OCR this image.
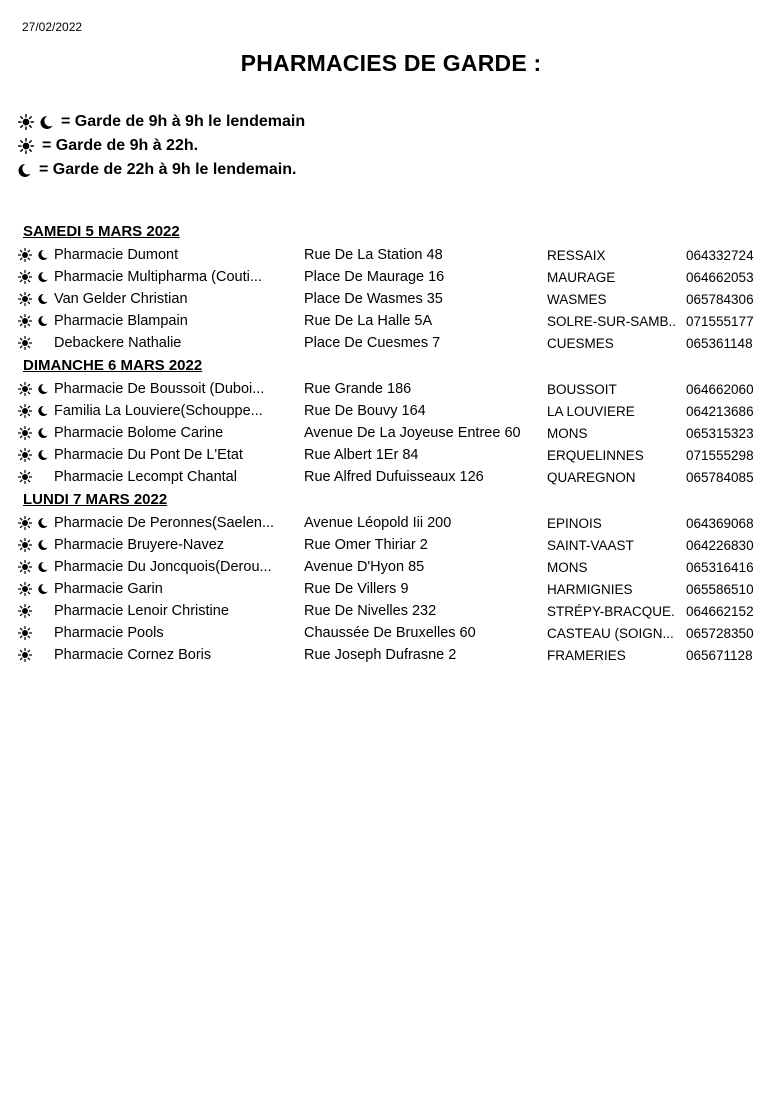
27/02/2022
PHARMACIES DE GARDE :
= Garde de 9h à 9h le lendemain
= Garde de 9h à 22h.
= Garde de 22h à 9h le lendemain.
SAMEDI 5 MARS 2022
Pharmacie Dumont	Rue De La Station 48	RESSAIX	064332724
Pharmacie Multipharma (Couti...	Place De Maurage 16	MAURAGE	064662053
Van Gelder Christian	Place De Wasmes 35	WASMES	065784306
Pharmacie Blampain	Rue De La Halle 5A	SOLRE-SUR-SAMB.. 071555177
Debackere Nathalie	Place De Cuesmes 7	CUESMES	065361148
DIMANCHE 6 MARS 2022
Pharmacie De Boussoit (Duboi...	Rue Grande 186	BOUSSOIT	064662060
Familia La Louviere(Schouppe...	Rue De Bouvy 164	LA LOUVIERE	064213686
Pharmacie Bolome Carine	Avenue De La Joyeuse Entree 60	MONS	065315323
Pharmacie Du Pont De L'Etat	Rue Albert 1Er 84	ERQUELINNES	071555298
Pharmacie Lecompt Chantal	Rue Alfred Dufuisseaux 126	QUAREGNON	065784085
LUNDI 7 MARS 2022
Pharmacie De Peronnes(Saelen...	Avenue Léopold Iii 200	EPINOIS	064369068
Pharmacie Bruyere-Navez	Rue Omer Thiriar 2	SAINT-VAAST	064226830
Pharmacie Du Joncquois(Derou...	Avenue D'Hyon 85	MONS	065316416
Pharmacie Garin	Rue De Villers 9	HARMIGNIES	065586510
Pharmacie Lenoir Christine	Rue De Nivelles 232	STRÉPY-BRACQUE. 064662152
Pharmacie Pools	Chaussée De Bruxelles 60	CASTEAU (SOIGN... 065728350
Pharmacie Cornez Boris	Rue Joseph Dufrasne 2	FRAMERIES	065671128
